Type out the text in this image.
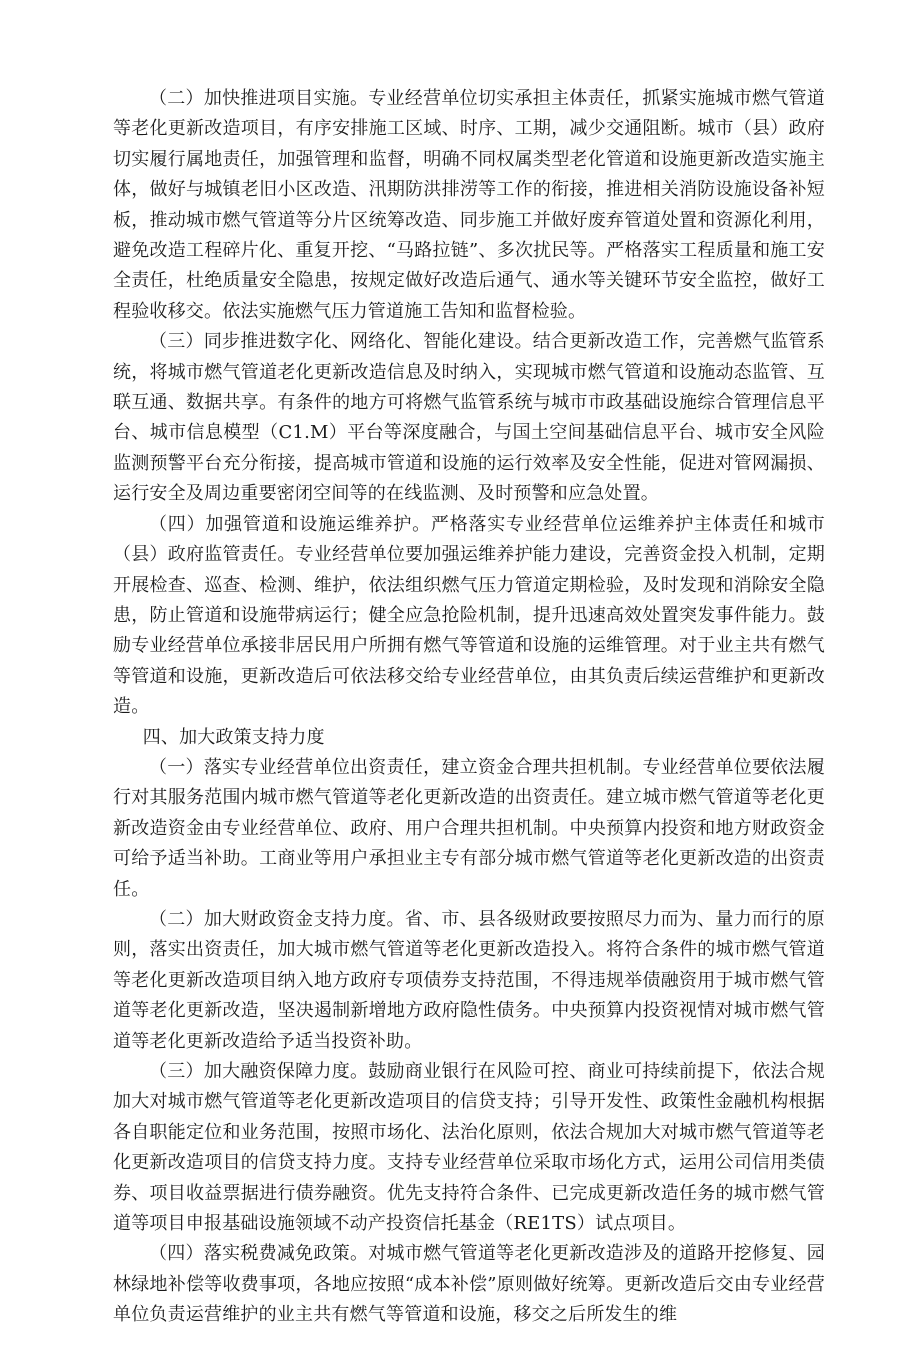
（二）加快推进项目实施。专业经营单位切实承担主体责任，抓紧实施城市燃气管道等老化更新改造项目，有序安排施工区域、时序、工期，减少交通阻断。城市（县）政府切实履行属地责任，加强管理和监督，明确不同权属类型老化管道和设施更新改造实施主体，做好与城镇老旧小区改造、汛期防洪排涝等工作的衔接，推进相关消防设施设备补短板，推动城市燃气管道等分片区统筹改造、同步施工并做好废弃管道处置和资源化利用，避免改造工程碎片化、重复开挖、“马路拉链”、多次扰民等。严格落实工程质量和施工安全责任，杜绝质量安全隐患，按规定做好改造后通气、通水等关键环节安全监控，做好工程验收移交。依法实施燃气压力管道施工告知和监督检验。

（三）同步推进数字化、网络化、智能化建设。结合更新改造工作，完善燃气监管系统，将城市燃气管道老化更新改造信息及时纳入，实现城市燃气管道和设施动态监管、互联互通、数据共享。有条件的地方可将燃气监管系统与城市市政基础设施综合管理信息平台、城市信息模型（C1.M）平台等深度融合，与国土空间基础信息平台、城市安全风险监测预警平台充分衔接，提高城市管道和设施的运行效率及安全性能，促进对管网漏损、运行安全及周边重要密闭空间等的在线监测、及时预警和应急处置。

（四）加强管道和设施运维养护。严格落实专业经营单位运维养护主体责任和城市（县）政府监管责任。专业经营单位要加强运维养护能力建设，完善资金投入机制，定期开展检查、巡查、检测、维护，依法组织燃气压力管道定期检验，及时发现和消除安全隐患，防止管道和设施带病运行；健全应急抢险机制，提升迅速高效处置突发事件能力。鼓励专业经营单位承接非居民用户所拥有燃气等管道和设施的运维管理。对于业主共有燃气等管道和设施，更新改造后可依法移交给专业经营单位，由其负责后续运营维护和更新改造。

四、加大政策支持力度

（一）落实专业经营单位出资责任，建立资金合理共担机制。专业经营单位要依法履行对其服务范围内城市燃气管道等老化更新改造的出资责任。建立城市燃气管道等老化更新改造资金由专业经营单位、政府、用户合理共担机制。中央预算内投资和地方财政资金可给予适当补助。工商业等用户承担业主专有部分城市燃气管道等老化更新改造的出资责任。

（二）加大财政资金支持力度。省、市、县各级财政要按照尽力而为、量力而行的原则，落实出资责任，加大城市燃气管道等老化更新改造投入。将符合条件的城市燃气管道等老化更新改造项目纳入地方政府专项债券支持范围，不得违规举债融资用于城市燃气管道等老化更新改造，坚决遏制新增地方政府隐性债务。中央预算内投资视情对城市燃气管道等老化更新改造给予适当投资补助。

（三）加大融资保障力度。鼓励商业银行在风险可控、商业可持续前提下，依法合规加大对城市燃气管道等老化更新改造项目的信贷支持；引导开发性、政策性金融机构根据各自职能定位和业务范围，按照市场化、法治化原则，依法合规加大对城市燃气管道等老化更新改造项目的信贷支持力度。支持专业经营单位采取市场化方式，运用公司信用类债券、项目收益票据进行债券融资。优先支持符合条件、已完成更新改造任务的城市燃气管道等项目申报基础设施领域不动产投资信托基金（RE1TS）试点项目。

（四）落实税费减免政策。对城市燃气管道等老化更新改造涉及的道路开挖修复、园林绿地补偿等收费事项，各地应按照“成本补偿”原则做好统筹。更新改造后交由专业经营单位负责运营维护的业主共有燃气等管道和设施，移交之后所发生的维
